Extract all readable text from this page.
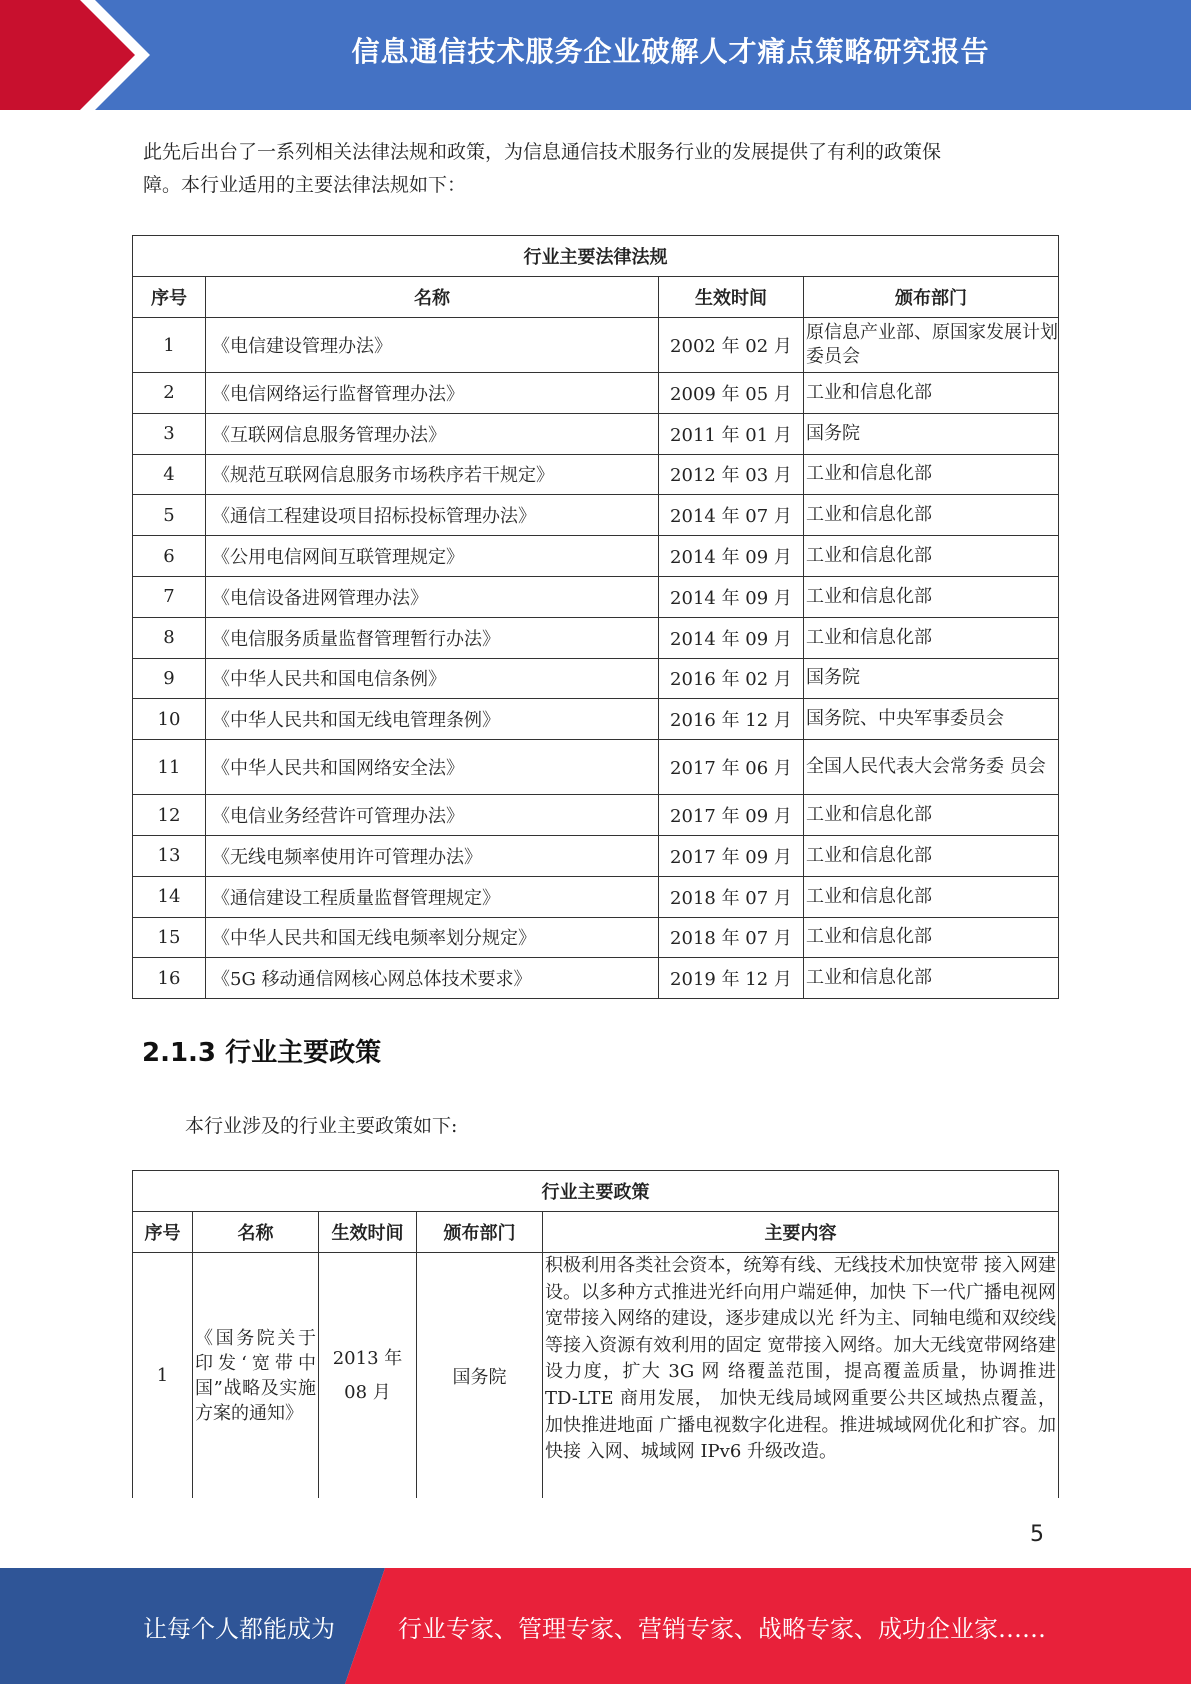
信息通信技术服务企业破解人才痛点策略研究报告
此先后出台了一系列相关法律法规和政策，为信息通信技术服务行业的发展提供了有利的政策保
障。本行业适用的主要法律法规如下：
行业主要法律法规			
序号	名称	生效时间	颁布部门
1	《电信建设管理办法》	2002 年 02 月	原信息产业部、原国家发展计划委员会
2	《电信网络运行监督管理办法》	2009 年 05 月	工业和信息化部
3	《互联网信息服务管理办法》	2011 年 01 月	国务院
4	《规范互联网信息服务市场秩序若干规定》	2012 年 03 月	工业和信息化部
5	《通信工程建设项目招标投标管理办法》	2014 年 07 月	工业和信息化部
6	《公用电信网间互联管理规定》	2014 年 09 月	工业和信息化部
7	《电信设备进网管理办法》	2014 年 09 月	工业和信息化部
8	《电信服务质量监督管理暂行办法》	2014 年 09 月	工业和信息化部
9	《中华人民共和国电信条例》	2016 年 02 月	国务院
10	《中华人民共和国无线电管理条例》	2016 年 12 月	国务院、中央军事委员会
11	《中华人民共和国网络安全法》	2017 年 06 月	全国人民代表大会常务委 员会
12	《电信业务经营许可管理办法》	2017 年 09 月	工业和信息化部
13	《无线电频率使用许可管理办法》	2017 年 09 月	工业和信息化部
14	《通信建设工程质量监督管理规定》	2018 年 07 月	工业和信息化部
15	《中华人民共和国无线电频率划分规定》	2018 年 07 月	工业和信息化部
16	《5G 移动通信网核心网总体技术要求》	2019 年 12 月	工业和信息化部
2.1.3 行业主要政策
本行业涉及的行业主要政策如下:
行业主要政策				
序号	名称	生效时间	颁布部门	主要内容
1	《国务院关于印发‘宽带中国”战略及实施方案的通知》	2013 年 08 月	国务院	积极利用各类社会资本，统筹有线、无线技术加快宽带 接入网建设。以多种方式推进光纤向用户端延伸，加快 下一代广播电视网宽带接入网络的建设，逐步建成以光 纤为主、同轴电缆和双绞线等接入资源有效利用的固定 宽带接入网络。加大无线宽带网络建设力度，扩大 3G 网 络覆盖范围，提高覆盖质量，协调推进 TD-LTE 商用发展， 加快无线局域网重要公共区域热点覆盖，加快推进地面 广播电视数字化进程。推进城域网优化和扩容。加快接 入网、城域网 IPv6 升级改造。
5
让每个人都能成为	行业专家、管理专家、营销专家、战略专家、成功企业家……
